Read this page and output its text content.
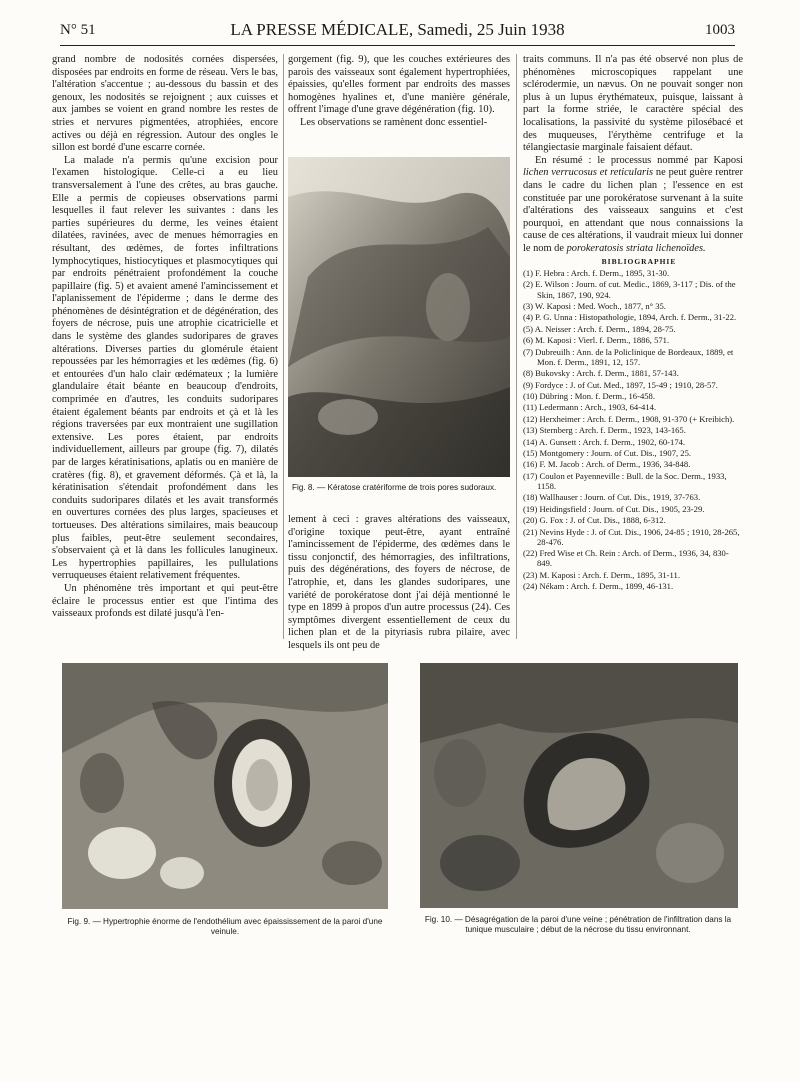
N° 51	LA PRESSE MÉDICALE, Samedi, 25 Juin 1938	1003

grand nombre de nodosités cornées dispersées, disposées par endroits en forme de réseau. Vers le bas, l'altération s'accentue ; au-dessous du bassin et des genoux, les nodosités se rejoignent ; aux cuisses et aux jambes se voient en grand nombre les restes de stries et nervures pigmentées, atrophiées, encore actives ou déjà en régression. Autour des ongles le sillon est bordé d'une escarre cornée.

La malade n'a permis qu'une excision pour l'examen histologique. Celle-ci a eu lieu transversalement à l'une des crêtes, au bras gauche. Elle a permis de copieuses observations parmi lesquelles il faut relever les suivantes : dans les parties supérieures du derme, les veines étaient dilatées, ravinées, avec de menues hémorragies en résultant, des œdèmes, de fortes infiltrations lymphocytiques, histiocytiques et plasmocytiques qui par endroits pénétraient profondément la couche papillaire (fig. 5) et avaient amené l'amincissement et l'aplanissement de l'épiderme ; dans le derme des phénomènes de désintégration et de dégénération, des foyers de nécrose, puis une atrophie cicatricielle et dans le système des glandes sudoripares de graves altérations. Diverses parties du glomérule étaient repoussées par les hémorragies et les œdèmes (fig. 6) et entourées d'un halo clair œdémateux ; la lumière glandulaire était béante en beaucoup d'endroits, comprimée en d'autres, les conduits sudoripares étaient également béants par endroits et çà et là les régions traversées par eux montraient une sugillation extensive. Les pores étaient, par endroits individuellement, ailleurs par groupe (fig. 7), dilatés par de larges kératinisations, aplatis ou en manière de cratères (fig. 8), et gravement déformés. Çà et là, la kératinisation s'étendait profondément dans les conduits sudoripares dilatés et les avait transformés en ouvertures cornées des plus larges, spacieuses et tortueuses. Des altérations similaires, mais beaucoup plus faibles, peut-être seulement secondaires, s'observaient çà et là dans les follicules lanugineux. Les hypertrophies papillaires, les pullulations verruqueuses étaient relativement fréquentes.

Un phénomène très important et qui peut-être éclaire le processus entier est que l'intima des vaisseaux profonds est dilaté jusqu'à l'en-

gorgement (fig. 9), que les couches extérieures des parois des vaisseaux sont également hypertrophiées, épaissies, qu'elles forment par endroits des masses homogènes hyalines et, d'une manière générale, offrent l'image d'une grave dégénération (fig. 10).

Les observations se ramènent donc essentiel-

Fig. 8. — Kératose cratériforme de trois pores sudoraux.

lement à ceci : graves altérations des vaisseaux, d'origine toxique peut-être, ayant entraîné l'amincissement de l'épiderme, des œdèmes dans le tissu conjonctif, des hémorragies, des infiltrations, puis des dégénérations, des foyers de nécrose, de l'atrophie, et, dans les glandes sudoripares, une variété de porokératose dont j'ai déjà mentionné le type en 1899 à propos d'un autre processus (24). Ces symptômes divergent essentiellement de ceux du lichen plan et de la pityriasis rubra pilaire, avec lesquels ils ont peu de

traits communs. Il n'a pas été observé non plus de phénomènes microscopiques rappelant une sclérodermie, un nævus. On ne pouvait songer non plus à un lupus érythémateux, puisque, laissant à part la forme striée, le caractère spécial des localisations, la passivité du système pilosébacé et des muqueuses, l'érythème centrifuge et la télangiectasie marginale faisaient défaut.

En résumé : le processus nommé par Kaposi lichen verrucosus et reticularis ne peut guère rentrer dans le cadre du lichen plan ; l'essence en est constituée par une porokératose survenant à la suite d'altérations des vaisseaux sanguins et c'est pourquoi, en attendant que nous connaissions la cause de ces altérations, il vaudrait mieux lui donner le nom de porokeratosis striata lichenoïdes.

BIBLIOGRAPHIE

(1) F. Hebra : Arch. f. Derm., 1895, 31-30.
(2) E. Wilson : Journ. of cut. Medic., 1869, 3-117 ; Dis. of the Skin, 1867, 190, 924.
(3) W. Kaposi : Med. Woch., 1877, n° 35.
(4) P. G. Unna : Histopathologie, 1894, Arch. f. Derm., 31-22.
(5) A. Neisser : Arch. f. Derm., 1894, 28-75.
(6) M. Kaposi : Vierl. f. Derm., 1886, 571.
(7) Dubreuilh : Ann. de la Policlinique de Bordeaux, 1889, et Mon. f. Derm., 1891, 12, 157.
(8) Bukovsky : Arch. f. Derm., 1881, 57-143.
(9) Fordyce : J. of Cut. Med., 1897, 15-49 ; 1910, 28-57.
(10) Dübring : Mon. f. Derm., 16-458.
(11) Ledermann : Arch., 1903, 64-414.
(12) Herxheimer : Arch. f. Derm., 1908, 91-370 (+ Kreibich).
(13) Sternberg : Arch. f. Derm., 1923, 143-165.
(14) A. Gunsett : Arch. f. Derm., 1902, 60-174.
(15) Montgomery : Journ. of Cut. Dis., 1907, 25.
(16) F. M. Jacob : Arch. of Derm., 1936, 34-848.
(17) Coulon et Payenneville : Bull. de la Soc. Derm., 1933, 1158.
(18) Wallhauser : Journ. of Cut. Dis., 1919, 37-763.
(19) Heidingsfield : Journ. of Cut. Dis., 1905, 23-29.
(20) G. Fox : J. of Cut. Dis., 1888, 6-312.
(21) Nevins Hyde : J. of Cut. Dis., 1906, 24-85 ; 1910, 28-265, 28-476.
(22) Fred Wise et Ch. Rein : Arch. of Derm., 1936, 34, 830-849.
(23) M. Kaposi : Arch. f. Derm., 1895, 31-11.
(24) Nékam : Arch. f. Derm., 1899, 46-131.
Fig. 9. — Hypertrophie énorme de l'endothélium avec épaississement de la paroi d'une veinule.
Fig. 10. — Désagrégation de la paroi d'une veine ; pénétration de l'infiltration dans la tunique musculaire ; début de la nécrose du tissu environnant.
